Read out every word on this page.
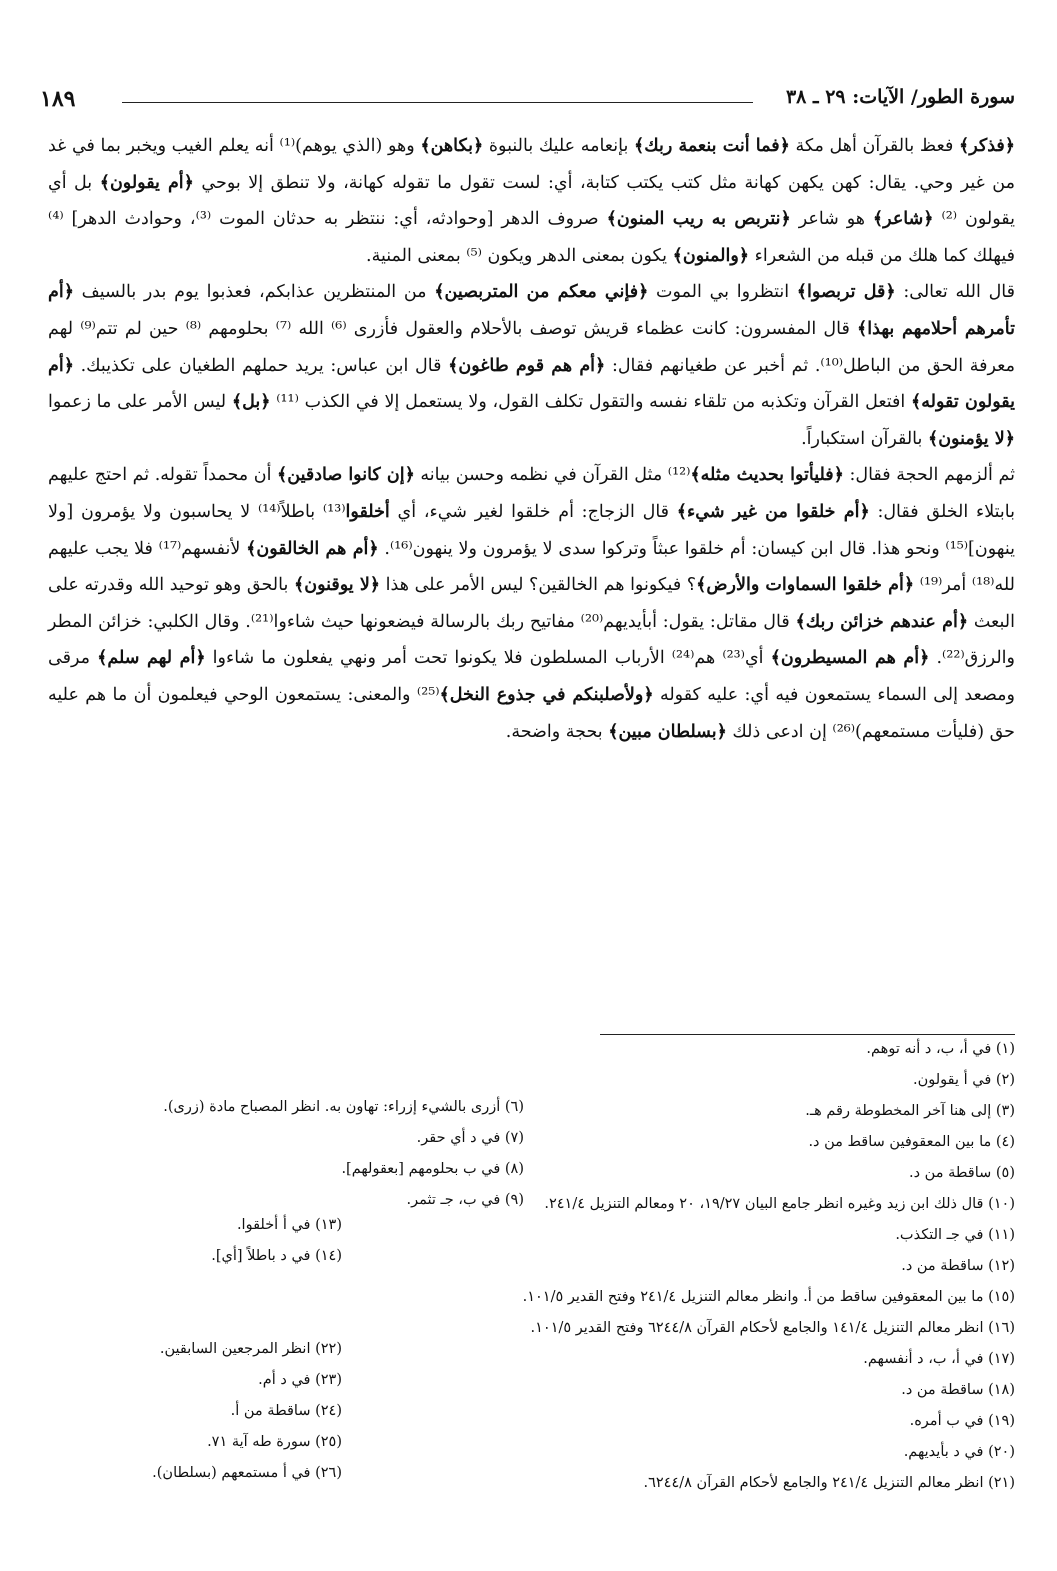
١٨٩	سورة الطور/ الآيات: ٢٩ ـ ٣٨

﴿فذكر﴾ فعظ بالقرآن أهل مكة ﴿فما أنت بنعمة ربك﴾ بإنعامه عليك بالنبوة ﴿بكاهن﴾ وهو (الذي يوهم)⁽¹⁾ أنه يعلم الغيب ويخبر بما في غد من غير وحي. يقال: كهن يكهن كهانة مثل كتب يكتب كتابة، أي: لست تقول ما تقوله كهانة، ولا تنطق إلا بوحي ﴿أم يقولون﴾ بل أي يقولون ⁽²⁾ ﴿شاعر﴾ هو شاعر ﴿نتربص به ريب المنون﴾ صروف الدهر [وحوادثه، أي: ننتظر به حدثان الموت ⁽³⁾، وحوادث الدهر] ⁽⁴⁾ فيهلك كما هلك من قبله من الشعراء ﴿والمنون﴾ يكون بمعنى الدهر ويكون ⁽⁵⁾ بمعنى المنية.

قال الله تعالى: ﴿قل تربصوا﴾ انتظروا بي الموت ﴿فإني معكم من المتربصين﴾ من المنتظرين عذابكم، فعذبوا يوم بدر بالسيف ﴿أم تأمرهم أحلامهم بهذا﴾ قال المفسرون: كانت عظماء قريش توصف بالأحلام والعقول فأزرى ⁽⁶⁾ الله ⁽⁷⁾ بحلومهم ⁽⁸⁾ حين لم تتم⁽⁹⁾ لهم معرفة الحق من الباطل⁽¹⁰⁾. ثم أخبر عن طغيانهم فقال: ﴿أم هم قوم طاغون﴾ قال ابن عباس: يريد حملهم الطغيان على تكذيبك. ﴿أم يقولون تقوله﴾ افتعل القرآن وتكذبه من تلقاء نفسه والتقول تكلف القول، ولا يستعمل إلا في الكذب ⁽¹¹⁾ ﴿بل﴾ ليس الأمر على ما زعموا ﴿لا يؤمنون﴾ بالقرآن استكباراً.

ثم ألزمهم الحجة فقال: ﴿فليأتوا بحديث مثله﴾⁽¹²⁾ مثل القرآن في نظمه وحسن بيانه ﴿إن كانوا صادقين﴾ أن محمداً تقوله. ثم احتج عليهم بابتلاء الخلق فقال: ﴿أم خلقوا من غير شيء﴾ قال الزجاج: أم خلقوا لغير شيء، أي أخلقوا⁽¹³⁾ باطلاً⁽¹⁴⁾ لا يحاسبون ولا يؤمرون [ولا ينهون]⁽¹⁵⁾ ونحو هذا. قال ابن كيسان: أم خلقوا عبثاً وتركوا سدى لا يؤمرون ولا ينهون⁽¹⁶⁾. ﴿أم هم الخالقون﴾ لأنفسهم⁽¹⁷⁾ فلا يجب عليهم لله⁽¹⁸⁾ أمر⁽¹⁹⁾ ﴿أم خلقوا السماوات والأرض﴾؟ فيكونوا هم الخالقين؟ ليس الأمر على هذا ﴿لا يوقنون﴾ بالحق وهو توحيد الله وقدرته على البعث ﴿أم عندهم خزائن ربك﴾ قال مقاتل: يقول: أبأيديهم⁽²⁰⁾ مفاتيح ربك بالرسالة فيضعونها حيث شاءوا⁽²¹⁾. وقال الكلبي: خزائن المطر والرزق⁽²²⁾. ﴿أم هم المسيطرون﴾ أي⁽²³⁾ هم⁽²⁴⁾ الأرباب المسلطون فلا يكونوا تحت أمر ونهي يفعلون ما شاءوا ﴿أم لهم سلم﴾ مرقى ومصعد إلى السماء يستمعون فيه أي: عليه كقوله ﴿ولأصلبنكم في جذوع النخل﴾⁽²⁵⁾ والمعنى: يستمعون الوحي فيعلمون أن ما هم عليه حق (فليأت مستمعهم)⁽²⁶⁾ إن ادعى ذلك ﴿بسلطان مبين﴾ بحجة واضحة.

(١) في أ، ب، د أنه توهم.
(٢) في أ يقولون.
(٣) إلى هنا آخر المخطوطة رقم هـ.
(٤) ما بين المعقوفين ساقط من د.
(٥) ساقطة من د.
(١٠) قال ذلك ابن زيد وغيره انظر جامع البيان ١٩/٢٧، ٢٠ ومعالم التنزيل ٢٤١/٤.
(١١) في جـ التكذب.
(١٢) ساقطة من د.
(١٥) ما بين المعقوفين ساقط من أ. وانظر معالم التنزيل ٢٤١/٤ وفتح القدير ١٠١/٥.
(١٦) انظر معالم التنزيل ١٤١/٤ والجامع لأحكام القرآن ٦٢٤٤/٨ وفتح القدير ١٠١/٥.
(١٧) في أ، ب، د أنفسهم.
(١٨) ساقطة من د.
(١٩) في ب أمره.
(٢٠) في د بأيديهم.
(٢١) انظر معالم التنزيل ٢٤١/٤ والجامع لأحكام القرآن ٦٢٤٤/٨.
(٦) أزرى بالشيء إزراء: تهاون به. انظر المصباح مادة (زرى).
(٧) في د أي حقر.
(٨) في ب بحلومهم [بعقولهم].
(٩) في ب، جـ تثمر.
(١٣) في أ أخلقوا.
(١٤) في د باطلاً [أي].
(٢٢) انظر المرجعين السابقين.
(٢٣) في د أم.
(٢٤) ساقطة من أ.
(٢٥) سورة طه آية ٧١.
(٢٦) في أ مستمعهم (بسلطان).
